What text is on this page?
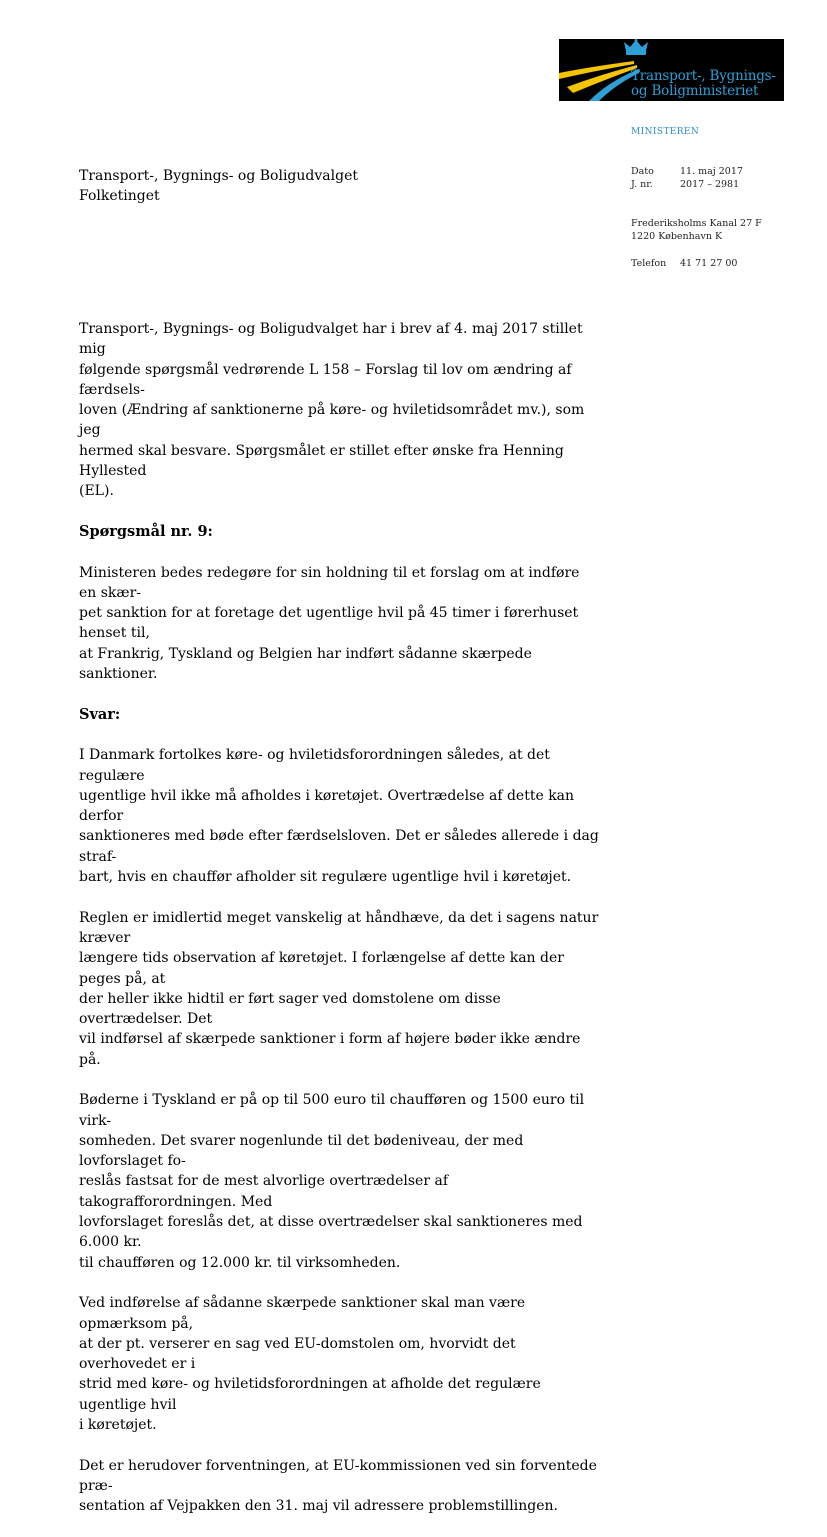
Transport-, Bygnings-
og Boligministeriet
MINISTEREN
Dato	11. maj 2017
J. nr.	2017 – 2981
Frederiksholms Kanal 27 F
1220 København K
Telefon 41 71 27 00
Transport-, Bygnings- og Boligudvalget
Folketinget

Transport-, Bygnings- og Boligudvalget har i brev af 4. maj 2017 stillet mig
følgende spørgsmål vedrørende L 158 – Forslag til lov om ændring af færdsels-
loven (Ændring af sanktionerne på køre- og hviletidsområdet mv.), som jeg
hermed skal besvare. Spørgsmålet er stillet efter ønske fra Henning Hyllested
(EL).

Spørgsmål nr. 9:

Ministeren bedes redegøre for sin holdning til et forslag om at indføre en skær-
pet sanktion for at foretage det ugentlige hvil på 45 timer i førerhuset henset til,
at Frankrig, Tyskland og Belgien har indført sådanne skærpede sanktioner.

Svar:

I Danmark fortolkes køre- og hviletidsforordningen således, at det regulære
ugentlige hvil ikke må afholdes i køretøjet. Overtrædelse af dette kan derfor
sanktioneres med bøde efter færdselsloven. Det er således allerede i dag straf-
bart, hvis en chauffør afholder sit regulære ugentlige hvil i køretøjet.

Reglen er imidlertid meget vanskelig at håndhæve, da det i sagens natur kræver
længere tids observation af køretøjet. I forlængelse af dette kan der peges på, at
der heller ikke hidtil er ført sager ved domstolene om disse overtrædelser. Det
vil indførsel af skærpede sanktioner i form af højere bøder ikke ændre på.

Bøderne i Tyskland er på op til 500 euro til chaufføren og 1500 euro til virk-
somheden. Det svarer nogenlunde til det bødeniveau, der med lovforslaget fo-
reslås fastsat for de mest alvorlige overtrædelser af takografforordningen. Med
lovforslaget foreslås det, at disse overtrædelser skal sanktioneres med 6.000 kr.
til chaufføren og 12.000 kr. til virksomheden.

Ved indførelse af sådanne skærpede sanktioner skal man være opmærksom på,
at der pt. verserer en sag ved EU-domstolen om, hvorvidt det overhovedet er i
strid med køre- og hviletidsforordningen at afholde det regulære ugentlige hvil
i køretøjet.

Det er herudover forventningen, at EU-kommissionen ved sin forventede præ-
sentation af Vejpakken den 31. maj vil adressere problemstillingen.
